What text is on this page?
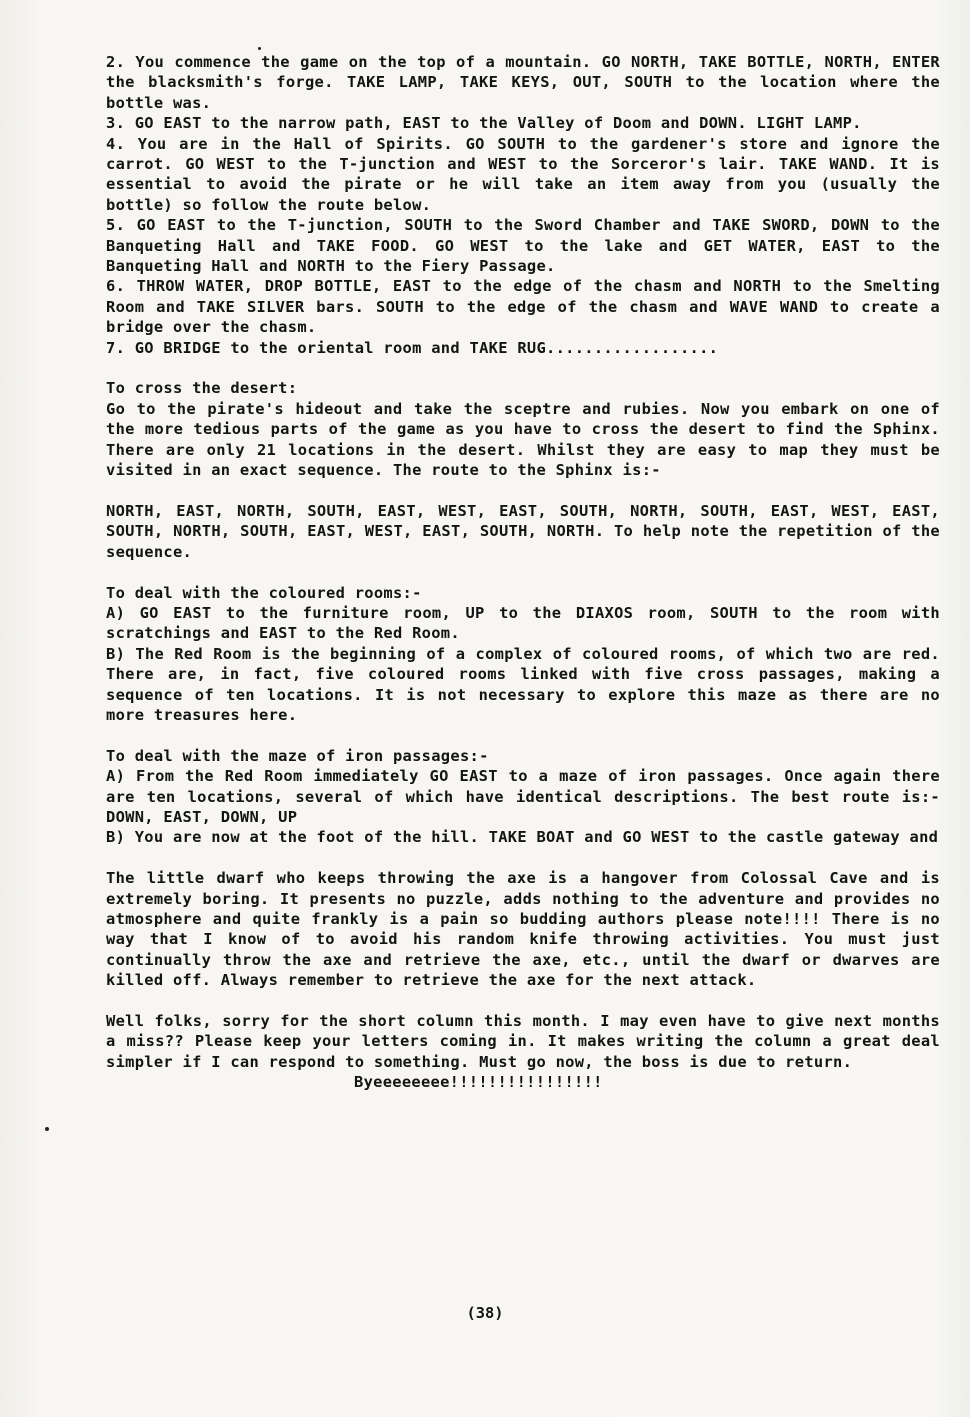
2. You commence the game on the top of a mountain. GO NORTH, TAKE BOTTLE, NORTH, ENTER the blacksmith's forge. TAKE LAMP, TAKE KEYS, OUT, SOUTH to the location where the bottle was.

3. GO EAST to the narrow path, EAST to the Valley of Doom and DOWN. LIGHT LAMP.

4. You are in the Hall of Spirits. GO SOUTH to the gardener's store and ignore the carrot. GO WEST to the T-junction and WEST to the Sorceror's lair. TAKE WAND. It is essential to avoid the pirate or he will take an item away from you (usually the bottle) so follow the route below.

5. GO EAST to the T-junction, SOUTH to the Sword Chamber and TAKE SWORD, DOWN to the Banqueting Hall and TAKE FOOD. GO WEST to the lake and GET WATER, EAST to the Banqueting Hall and NORTH to the Fiery Passage.

6. THROW WATER, DROP BOTTLE, EAST to the edge of the chasm and NORTH to the Smelting Room and TAKE SILVER bars. SOUTH to the edge of the chasm and WAVE WAND to create a bridge over the chasm.

7. GO BRIDGE to the oriental room and TAKE RUG..................

To cross the desert:

Go to the pirate's hideout and take the sceptre and rubies. Now you embark on one of the more tedious parts of the game as you have to cross the desert to find the Sphinx. There are only 21 locations in the desert. Whilst they are easy to map they must be visited in an exact sequence. The route to the Sphinx is:-

NORTH, EAST, NORTH, SOUTH, EAST, WEST, EAST, SOUTH, NORTH, SOUTH, EAST, WEST, EAST, SOUTH, NORTH, SOUTH, EAST, WEST, EAST, SOUTH, NORTH. To help note the repetition of the sequence.

To deal with the coloured rooms:-

A) GO EAST to the furniture room, UP to the DIAXOS room, SOUTH to the room with scratchings and EAST to the Red Room.

B) The Red Room is the beginning of a complex of coloured rooms, of which two are red. There are, in fact, five coloured rooms linked with five cross passages, making a sequence of ten locations. It is not necessary to explore this maze as there are no more treasures here.

To deal with the maze of iron passages:-

A) From the Red Room immediately GO EAST to a maze of iron passages. Once again there are ten locations, several of which have identical descriptions. The best route is:- DOWN, EAST, DOWN, UP

B) You are now at the foot of the hill. TAKE BOAT and GO WEST to the castle gateway and

The little dwarf who keeps throwing the axe is a hangover from Colossal Cave and is extremely boring. It presents no puzzle, adds nothing to the adventure and provides no atmosphere and quite frankly is a pain so budding authors please note!!!! There is no way that I know of to avoid his random knife throwing activities. You must just continually throw the axe and retrieve the axe, etc., until the dwarf or dwarves are killed off. Always remember to retrieve the axe for the next attack.

Well folks, sorry for the short column this month. I may even have to give next months a miss?? Please keep your letters coming in. It makes writing the column a great deal simpler if I can respond to something. Must go now, the boss is due to return.

Byeeeeeeee!!!!!!!!!!!!!!!!

(38)
